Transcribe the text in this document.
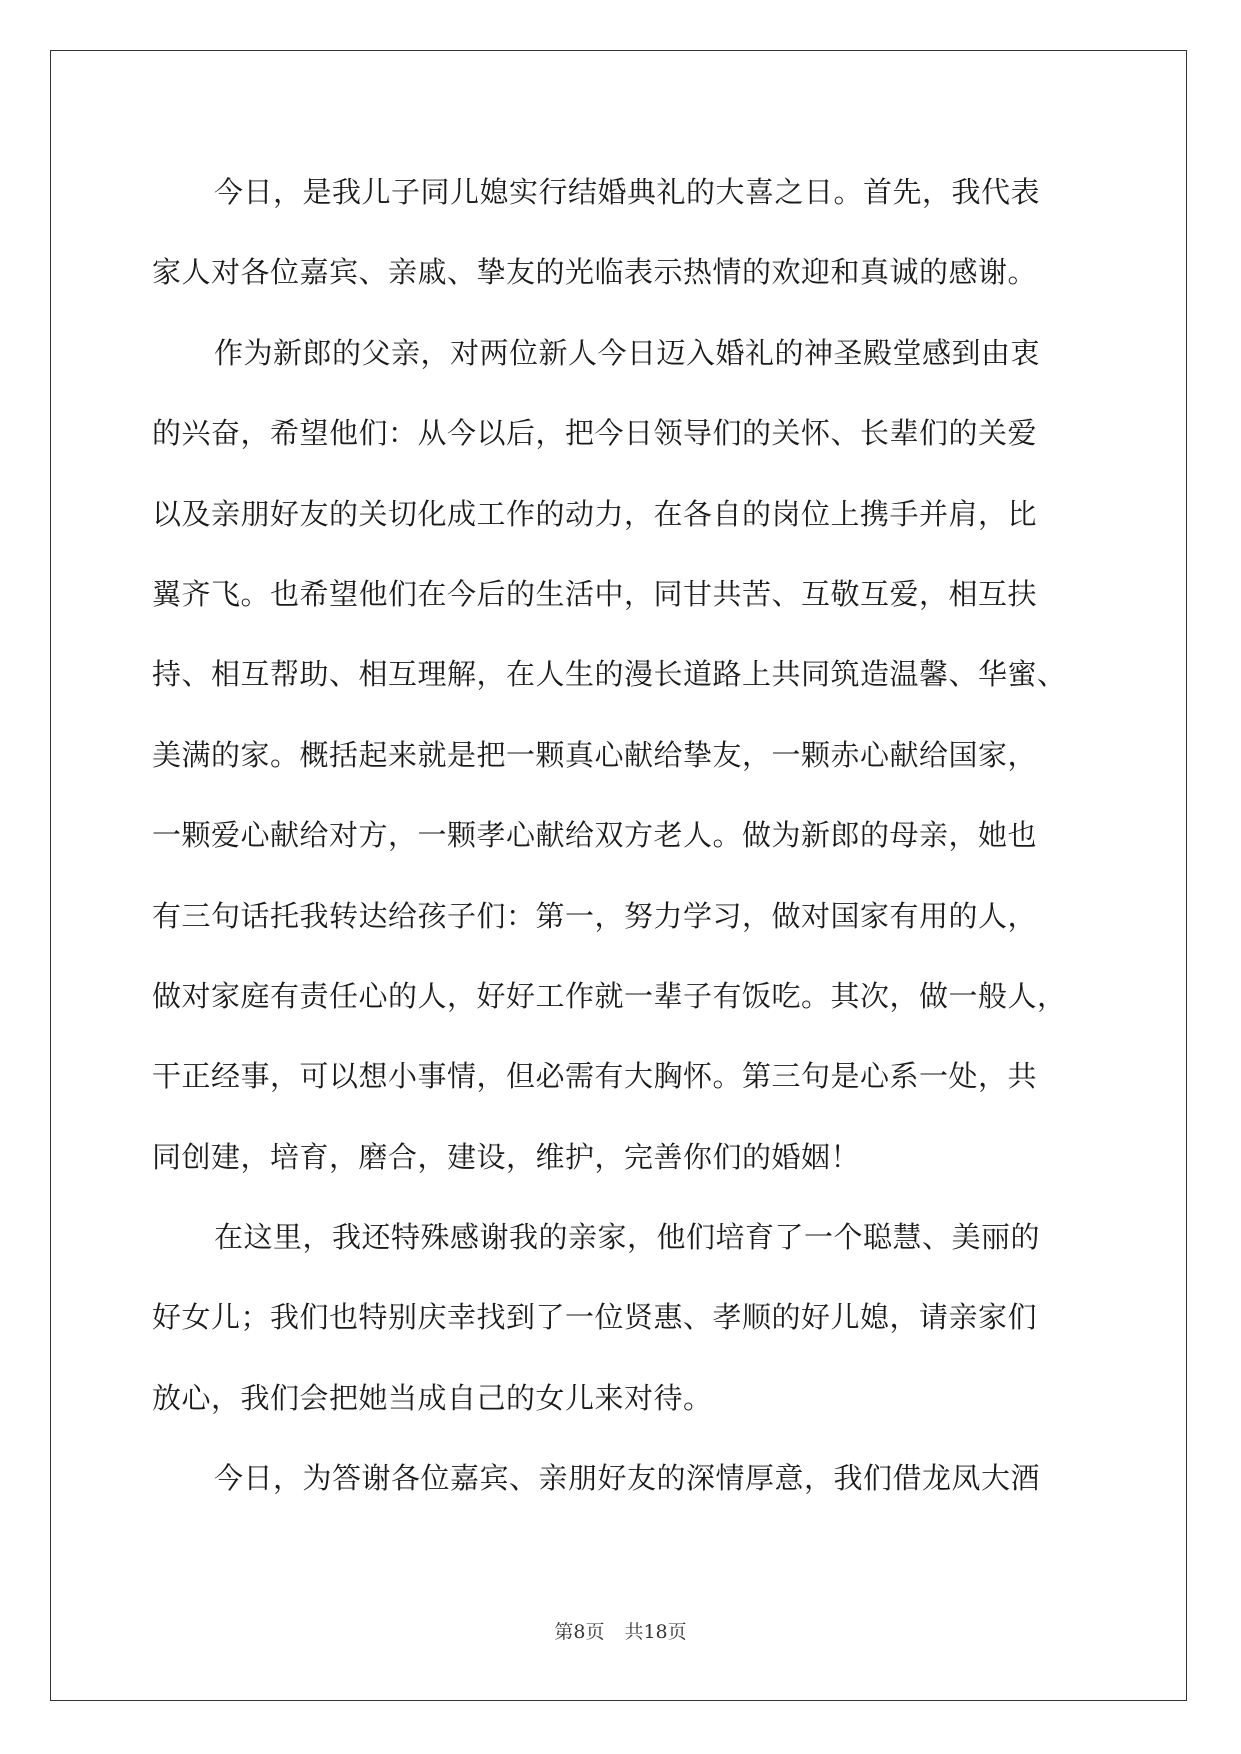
今日，是我儿子同儿媳实行结婚典礼的大喜之日。首先，我代表
家人对各位嘉宾、亲戚、挚友的光临表示热情的欢迎和真诚的感谢。
作为新郎的父亲，对两位新人今日迈入婚礼的神圣殿堂感到由衷
的兴奋，希望他们：从今以后，把今日领导们的关怀、长辈们的关爱
以及亲朋好友的关切化成工作的动力，在各自的岗位上携手并肩，比
翼齐飞。也希望他们在今后的生活中，同甘共苦、互敬互爱，相互扶
持、相互帮助、相互理解，在人生的漫长道路上共同筑造温馨、华蜜、
美满的家。概括起来就是把一颗真心献给挚友，一颗赤心献给国家，
一颗爱心献给对方，一颗孝心献给双方老人。做为新郎的母亲，她也
有三句话托我转达给孩子们：第一，努力学习，做对国家有用的人，
做对家庭有责任心的人，好好工作就一辈子有饭吃。其次，做一般人，
干正经事，可以想小事情，但必需有大胸怀。第三句是心系一处，共
同创建，培育，磨合，建设，维护，完善你们的婚姻！
在这里，我还特殊感谢我的亲家，他们培育了一个聪慧、美丽的
好女儿；我们也特别庆幸找到了一位贤惠、孝顺的好儿媳，请亲家们
放心，我们会把她当成自己的女儿来对待。
今日，为答谢各位嘉宾、亲朋好友的深情厚意，我们借龙凤大酒
第8页 共18页
